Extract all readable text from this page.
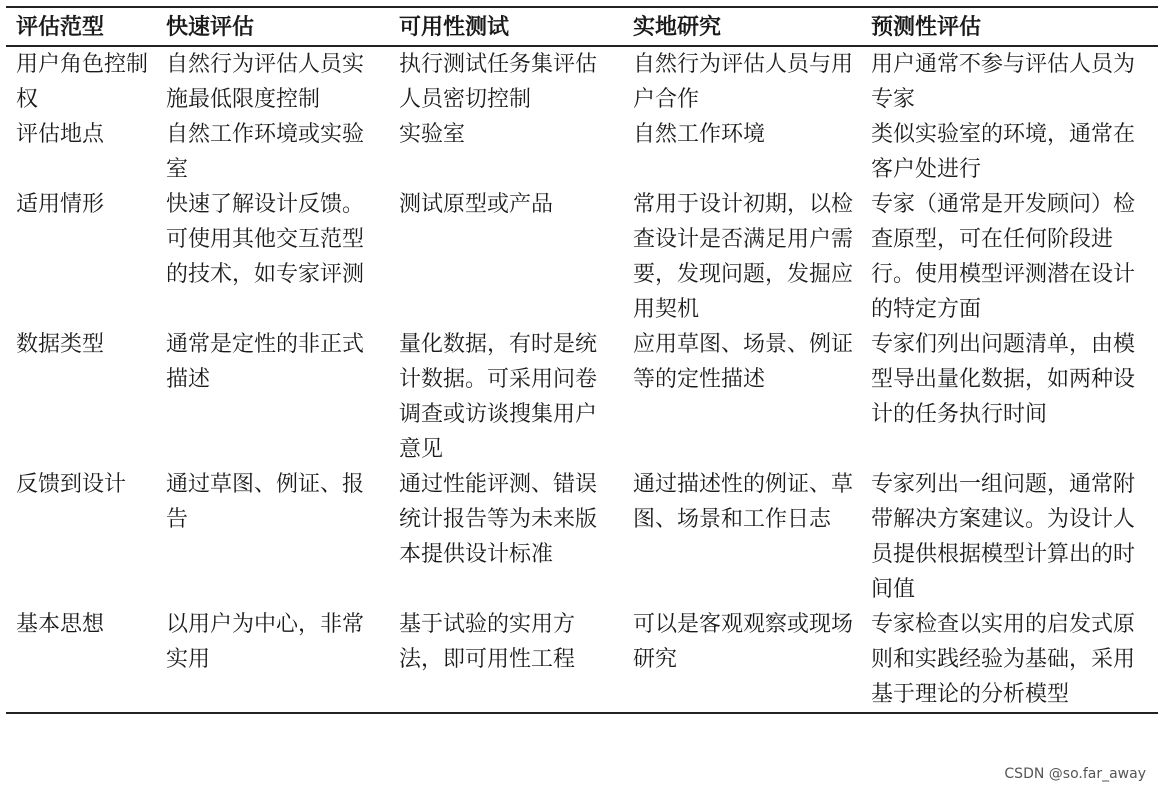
评估范型	快速评估	可用性测试	实地研究	预测性评估
用户角色控制权	自然行为评估人员实施最低限度控制	执行测试任务集评估人员密切控制	自然行为评估人员与用户合作	用户通常不参与评估人员为专家
评估地点	自然工作环境或实验室	实验室	自然工作环境	类似实验室的环境，通常在客户处进行
适用情形	快速了解设计反馈。可使用其他交互范型的技术，如专家评测	测试原型或产品	常用于设计初期，以检查设计是否满足用户需要，发现问题，发掘应用契机	专家（通常是开发顾问）检查原型，可在任何阶段进行。使用模型评测潜在设计的特定方面
数据类型	通常是定性的非正式描述	量化数据，有时是统计数据。可采用问卷调查或访谈搜集用户意见	应用草图、场景、例证等的定性描述	专家们列出问题清单，由模型导出量化数据，如两种设计的任务执行时间
反馈到设计	通过草图、例证、报告	通过性能评测、错误统计报告等为未来版本提供设计标准	通过描述性的例证、草图、场景和工作日志	专家列出一组问题，通常附带解决方案建议。为设计人员提供根据模型计算出的时间值
基本思想	以用户为中心，非常实用	基于试验的实用方法，即可用性工程	可以是客观观察或现场研究	专家检查以实用的启发式原则和实践经验为基础，采用基于理论的分析模型
CSDN @so.far_away
